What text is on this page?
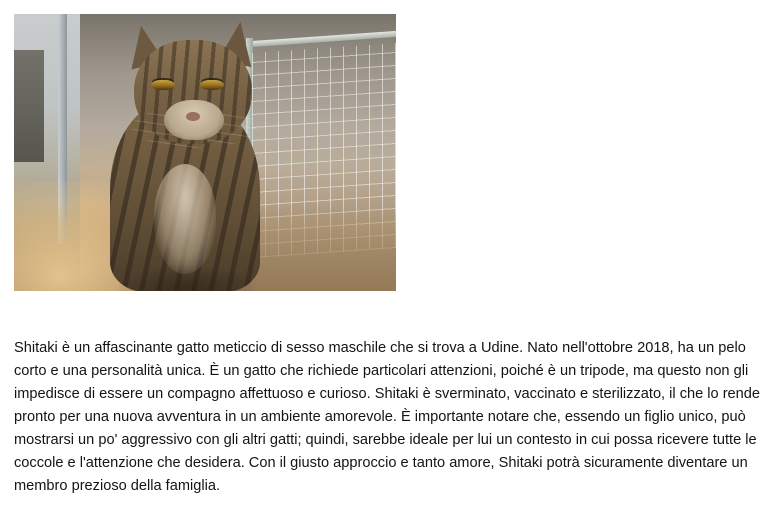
Shitaki è un affascinante gatto meticcio di sesso maschile che si trova a Udine. Nato nell'ottobre 2018, ha un pelo corto e una personalità unica. È un gatto che richiede particolari attenzioni, poiché è un tripode, ma questo non gli impedisce di essere un compagno affettuoso e curioso. Shitaki è sverminato, vaccinato e sterilizzato, il che lo rende pronto per una nuova avventura in un ambiente amorevole. È importante notare che, essendo un figlio unico, può mostrarsi un po' aggressivo con gli altri gatti; quindi, sarebbe ideale per lui un contesto in cui possa ricevere tutte le coccole e l'attenzione che desidera. Con il giusto approccio e tanto amore, Shitaki potrà sicuramente diventare un membro prezioso della famiglia.
